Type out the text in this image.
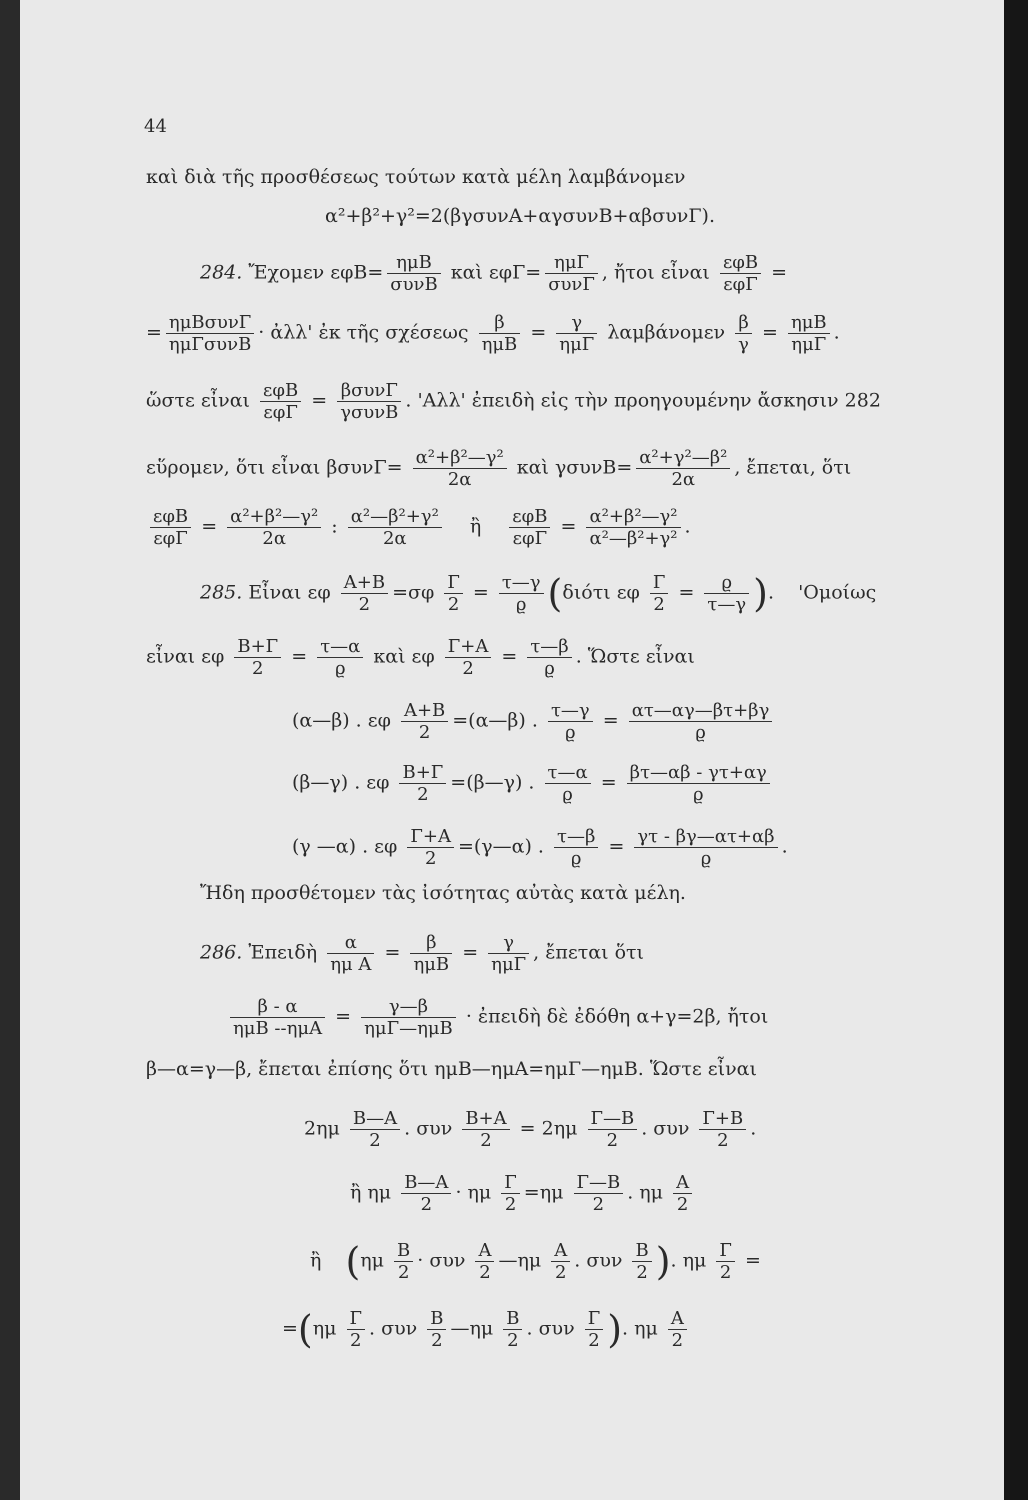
44
καὶ διὰ τῆς προσθέσεως τούτων κατὰ μέλη λαμβάνομεν
α²+β²+γ²=2(βγσυνΑ+αγσυνΒ+αβσυνΓ).
284. Ἔχομεν εφΒ= ημΒ
συνΒ
καὶ εφΓ= ημΓ
συνΓ
, ἤτοι εἶναι εφΒ
εφΓ
=
= ημΒσυνΓ
ημΓσυνΒ
· ἀλλ' ἐκ τῆς σχέσεως	β
ημΒ
=	γ
ημΓ
λαμβάνομεν $\frac{\beta}{\gamma} = \eta\mu B$
ημΓ
.
ὥστε εἶναι εφΒ
εφΓ
= βσυνΓ
γσυνΒ
. 'Αλλ' ἐπειδὴ εἰς τὴν προηγουμένην ἄσκησιν 282
εὕρομεν, ὅτι εἶναι $\beta\sigma\upsilon\nu\Gamma= \frac{\text{α²+β²—γ²}}{2\alpha}$ καὶ $\gamma\sigma\upsilon\nu B= \frac{\text{α²+γ²—β²}}{2\alpha}$ , ἔπεται, ὅτι
εφΒ
εφΓ
= $\frac{\text{α²+β²—γ²}}{2\alpha}$ : $\frac{\text{α²—β²+γ²}}{2\alpha}$ ἢ εφΒ
εφΓ
= $\frac{\text{α²+β²—γ²}}{\text{α²—β²+γ²}}$ .
285. Εἶναι εφ $\frac{A+B}{2} =\sigma\varphi \frac{\Gamma}{2} = \frac{\tau—\gamma}{ϱ} (\delta\iota ό\tau\iota$ εφ $\frac{\Gamma}{2} = \frac{ϱ}{\tau—\gamma}$ ). 'Ομοίως
εἶναι εφ $\frac{B+\Gamma}{2} = \frac{\tau—\alpha}{ϱ}$ καὶ εφ $\frac{\Gamma+A}{2} = \frac{\tau—\beta}{ϱ}$ . Ὥστε εἶναι
(α—β) . εφ $\frac{A+B}{2}$ =(α—β) . $\frac{\tau—\gamma}{ϱ} = \frac{\alpha\tau—\alpha\gamma—\beta\tau+\beta\gamma}{ϱ}$
(β—γ) . εφ $\frac{B+\Gamma}{2}$ =(β—γ) . $\frac{\tau—\alpha}{ϱ} = \frac{\beta\tau—\alpha\beta - \gamma\tau+\alpha\gamma}{ϱ}$
(γ —α) . εφ $\frac{\Gamma+A}{2}$ =(γ—α) . $\frac{\tau—\beta}{ϱ} = \frac{\gamma\tau - \beta\gamma—\alpha\tau+\alpha\beta}{ϱ}$ .
Ἤδη προσθέτομεν τὰς ἰσότητας αὐτὰς κατὰ μέλη.
286. Ἐπειδὴ $\frac{\alpha}{\text{ημ Α}}$ =	β
ημΒ
=	γ
ημΓ
, ἔπεται ὅτι
β - α
ημΒ --ημΑ
=	γ—β
ημΓ—ημΒ
· ἐπειδὴ δὲ ἐδόθη α+γ=2β, ἤτοι
β—α=γ—β, ἔπεται ἐπίσης ὅτι ημΒ—ημΑ=ημΓ—ημΒ. Ὥστε εἶναι
$2\eta\mu \frac{B—A}{2}$ . συν $\frac{B+A}{2} = 2\eta\mu \frac{\Gamma—B}{2}$ . συν $\frac{\Gamma+B}{2}$ .
ἢ ημ $\frac{B—A}{2} \cdot \eta\mu \frac{\Gamma}{2} =\eta\mu \frac{\Gamma—B}{2}$ . ημ $\frac{A}{2}$
ἢ ($\eta\mu \frac{B}{2} \cdot \sigma\upsilon\nu \frac{A}{2}$ —ημ $\frac{A}{2}$ . συν $\frac{B}{2}$ ). ημ $\frac{\Gamma}{2}$ =
$=(\eta\mu \frac{\Gamma}{2}$ . συν $\frac{B}{2}$ —ημ $\frac{B}{2}$ . συν $\frac{\Gamma}{2}$ ). ημ $\frac{A}{2}$
